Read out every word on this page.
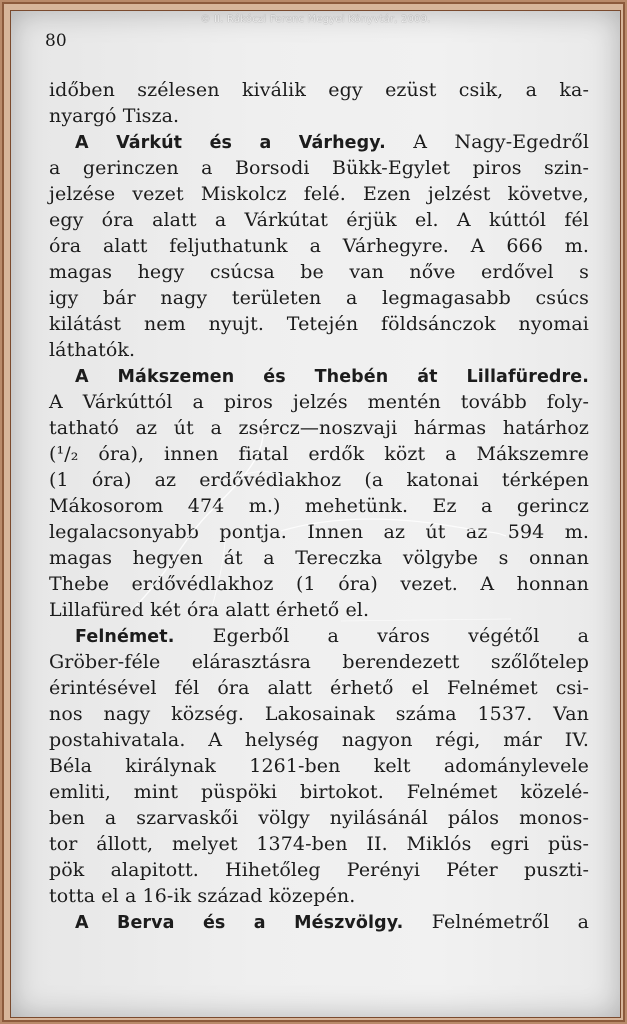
© II. Rákóczi Ferenc Megyei Könyvtár, 2009.
80
időben szélesen kiválik egy ezüst csik, a ka-
nyargó Tisza.
A Várkút és a Várhegy. A Nagy-Egedről
a gerinczen a Borsodi Bükk-Egylet piros szin-
jelzése vezet Miskolcz felé. Ezen jelzést követve,
egy óra alatt a Várkútat érjük el. A kúttól fél
óra alatt feljuthatunk a Várhegyre. A 666 m.
magas hegy csúcsa be van nőve erdővel s
igy bár nagy területen a legmagasabb csúcs
kilátást nem nyujt. Tetején földsánczok nyomai
láthatók.
A Mákszemen és Thebén át Lillafüredre.
A Várkúttól a piros jelzés mentén tovább foly-
tatható az út a zsércz—noszvaji hármas határhoz
(¹/₂ óra), innen fiatal erdők közt a Mákszemre
(1 óra) az erdővédlakhoz (a katonai térképen
Mákosorom 474 m.) mehetünk. Ez a gerincz
legalacsonyabb pontja. Innen az út az 594 m.
magas hegyen át a Tereczka völgybe s onnan
Thebe erdővédlakhoz (1 óra) vezet. A honnan
Lillafüred két óra alatt érhető el.
Felnémet. Egerből a város végétől a
Gröber-féle elárasztásra berendezett szőlőtelep
érintésével fél óra alatt érhető el Felnémet csi-
nos nagy község. Lakosainak száma 1537. Van
postahivatala. A helység nagyon régi, már IV.
Béla királynak 1261-ben kelt adománylevele
emliti, mint püspöki birtokot. Felnémet közelé-
ben a szarvaskői völgy nyilásánál pálos monos-
tor állott, melyet 1374-ben II. Miklós egri püs-
pök alapitott. Hihetőleg Perényi Péter puszti-
totta el a 16-ik század közepén.
A Berva és a Mészvölgy. Felnémetről a
